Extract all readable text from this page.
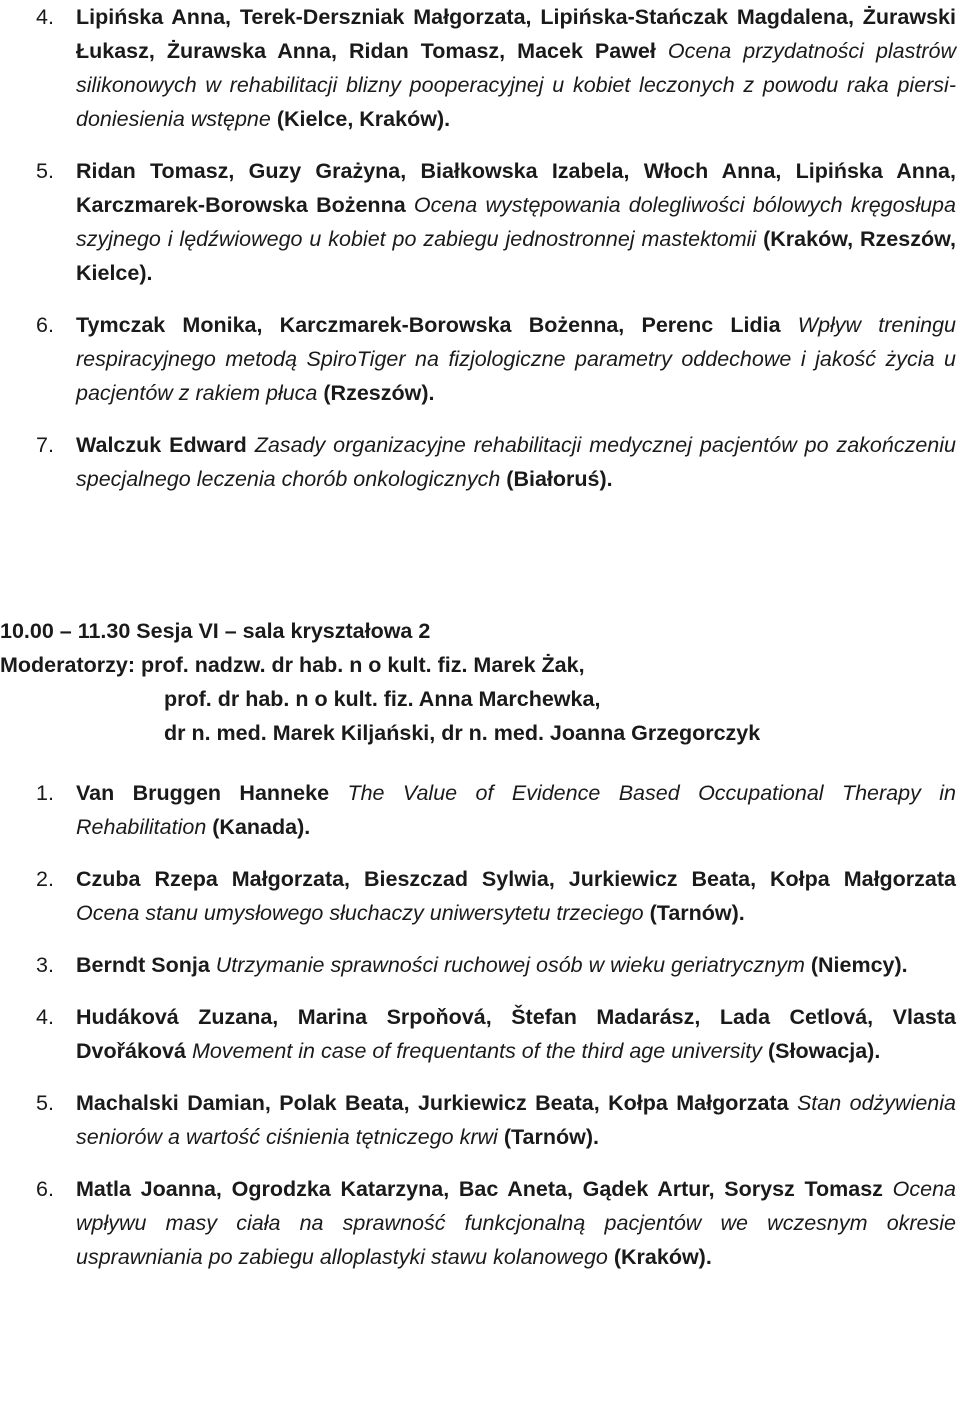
4. Lipińska Anna, Terek-Derszniak Małgorzata, Lipińska-Stańczak Magdalena, Żurawski Łukasz, Żurawska Anna, Ridan Tomasz, Macek Paweł Ocena przydatności plastrów silikonowych w rehabilitacji blizny pooperacyjnej u kobiet leczonych z powodu raka piersi-doniesienia wstępne (Kielce, Kraków).
5. Ridan Tomasz, Guzy Grażyna, Białkowska Izabela, Włoch Anna, Lipińska Anna, Karczmarek-Borowska Bożenna Ocena występowania dolegliwości bólowych kręgosłupa szyjnego i lędźwiowego u kobiet po zabiegu jednostronnej mastektomii (Kraków, Rzeszów, Kielce).
6. Tymczak Monika, Karczmarek-Borowska Bożenna, Perenc Lidia Wpływ treningu respiracyjnego metodą SpiroTiger na fizjologiczne parametry oddechowe i jakość życia u pacjentów z rakiem płuca (Rzeszów).
7. Walczuk Edward Zasady organizacyjne rehabilitacji medycznej pacjentów po zakończeniu specjalnego leczenia chorób onkologicznych (Białoruś).
10.00 – 11.30 Sesja VI – sala kryształowa 2
Moderatorzy: prof. nadzw. dr hab. n o kult. fiz. Marek Żak,
prof. dr hab. n o kult. fiz. Anna Marchewka,
dr n. med. Marek Kiljański, dr n. med. Joanna Grzegorczyk
1. Van Bruggen Hanneke The Value of Evidence Based Occupational Therapy in Rehabilitation (Kanada).
2. Czuba Rzepa Małgorzata, Bieszczad Sylwia, Jurkiewicz Beata, Kołpa Małgorzata Ocena stanu umysłowego słuchaczy uniwersytetu trzeciego (Tarnów).
3. Berndt Sonja Utrzymanie sprawności ruchowej osób w wieku geriatrycznym (Niemcy).
4. Hudáková Zuzana, Marina Srpoňová, Štefan Madarász, Lada Cetlová, Vlasta Dvořáková Movement in case of frequentants of the third age university (Słowacja).
5. Machalski Damian, Polak Beata, Jurkiewicz Beata, Kołpa Małgorzata Stan odżywienia seniorów a wartość ciśnienia tętniczego krwi (Tarnów).
6. Matla Joanna, Ogrodzka Katarzyna, Bac Aneta, Gądek Artur, Sorysz Tomasz Ocena wpływu masy ciała na sprawność funkcjonalną pacjentów we wczesnym okresie usprawniania po zabiegu alloplastyki stawu kolanowego (Kraków).
